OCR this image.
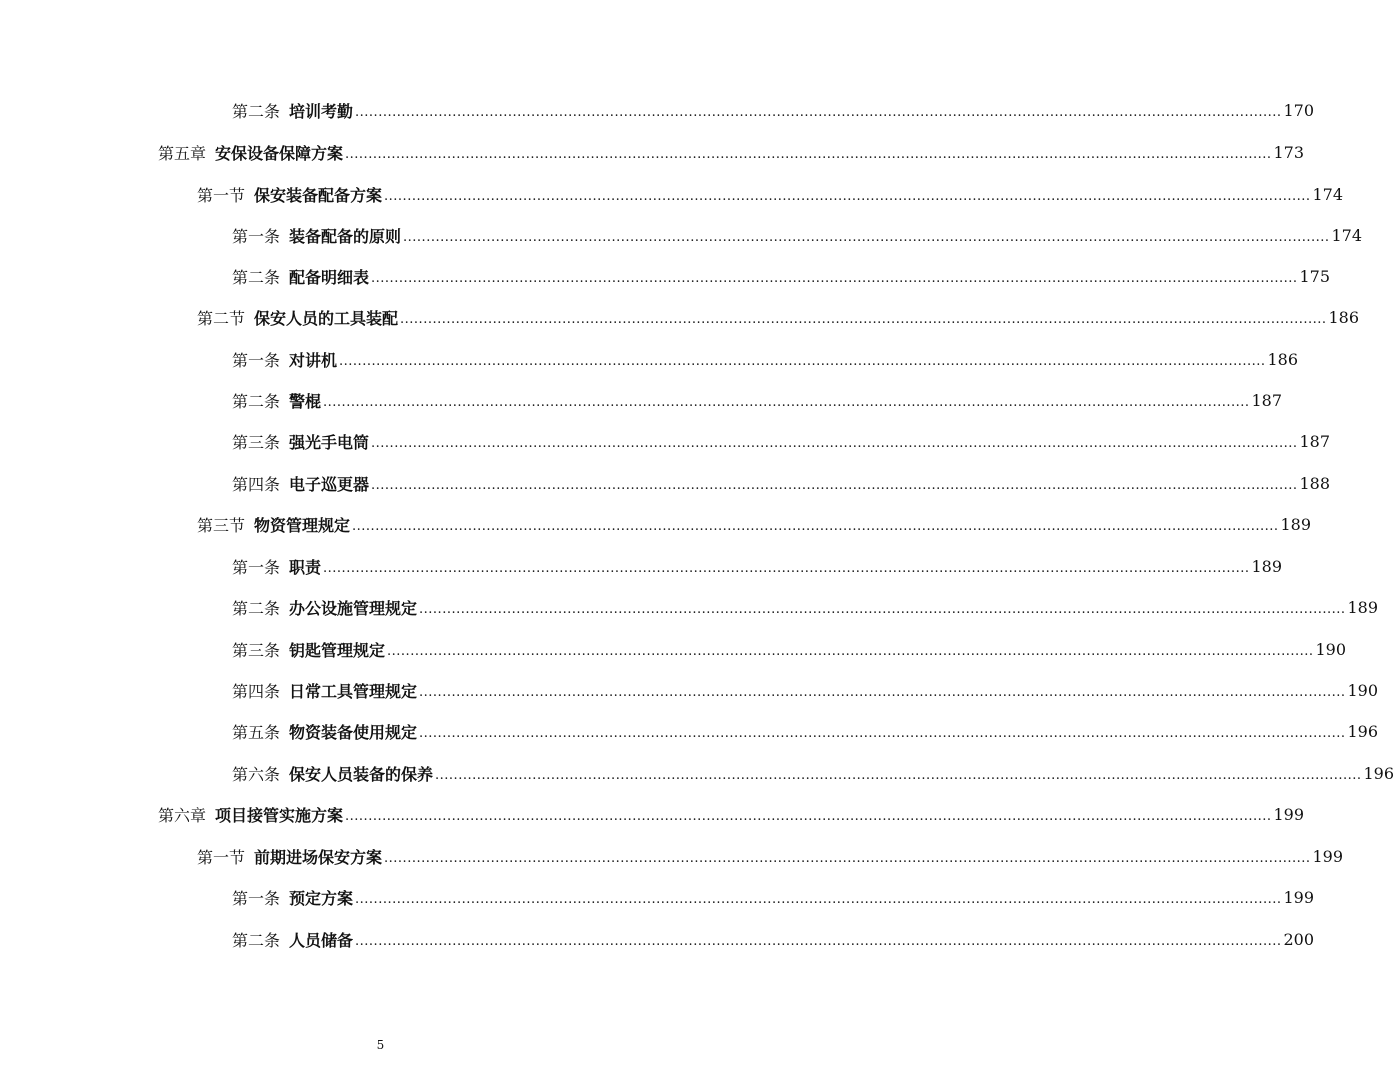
第二条 培训考勤 ........................................................................................................................................................................................................ 170
第五章 安保设备保障方案 ........................................................................................................................................................................................................ 173
第一节 保安装备配备方案 ........................................................................................................................................................................................................ 174
第一条 装备配备的原则 ........................................................................................................................................................................................................ 174
第二条 配备明细表 ........................................................................................................................................................................................................ 175
第二节 保安人员的工具装配 ........................................................................................................................................................................................................ 186
第一条 对讲机 ........................................................................................................................................................................................................ 186
第二条 警棍 ........................................................................................................................................................................................................ 187
第三条 强光手电筒 ........................................................................................................................................................................................................ 187
第四条 电子巡更器 ........................................................................................................................................................................................................ 188
第三节 物资管理规定 ........................................................................................................................................................................................................ 189
第一条 职责 ........................................................................................................................................................................................................ 189
第二条 办公设施管理规定 ........................................................................................................................................................................................................ 189
第三条 钥匙管理规定 ........................................................................................................................................................................................................ 190
第四条 日常工具管理规定 ........................................................................................................................................................................................................ 190
第五条 物资装备使用规定 ........................................................................................................................................................................................................ 196
第六条 保安人员装备的保养 ........................................................................................................................................................................................................ 196
第六章 项目接管实施方案 ........................................................................................................................................................................................................ 199
第一节 前期进场保安方案 ........................................................................................................................................................................................................ 199
第一条 预定方案 ........................................................................................................................................................................................................ 199
第二条 人员储备 ........................................................................................................................................................................................................ 200
5
